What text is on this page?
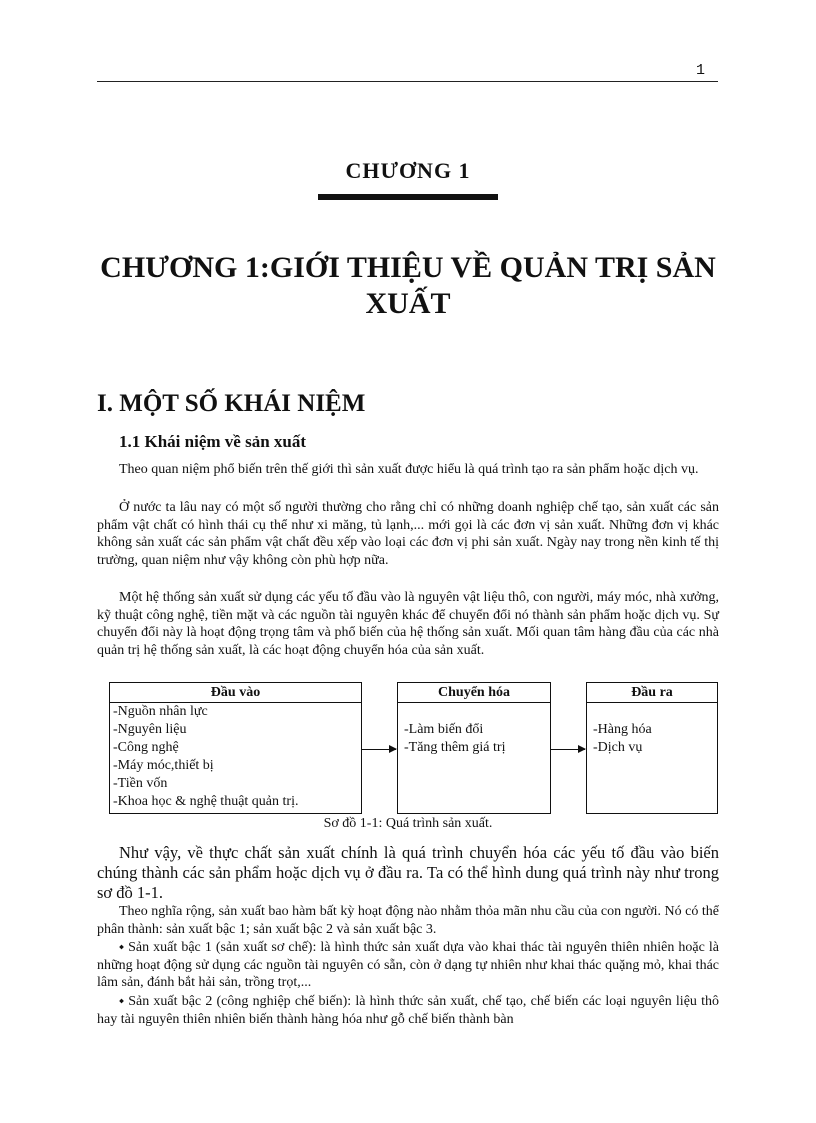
1
CHƯƠNG 1
CHƯƠNG 1:GIỚI THIỆU VỀ QUẢN TRỊ SẢN XUẤT
I. MỘT SỐ KHÁI NIỆM
1.1 Khái niệm về sản xuất
Theo quan niệm phổ biến trên thế giới thì sản xuất được hiểu là quá trình tạo ra sản phẩm hoặc dịch vụ.
Ở nước ta lâu nay có một số người thường cho rằng chỉ có những doanh nghiệp chế tạo, sản xuất các sản phẩm vật chất có hình thái cụ thể như xi măng, tủ lạnh,... mới gọi là các đơn vị sản xuất. Những đơn vị khác không sản xuất các sản phẩm vật chất đều xếp vào loại các đơn vị phi sản xuất. Ngày nay trong nền kinh tế thị trường, quan niệm như vậy không còn phù hợp nữa.
Một hệ thống sản xuất sử dụng các yếu tố đầu vào là nguyên vật liệu thô, con người, máy móc, nhà xưởng, kỹ thuật công nghệ, tiền mặt và các nguồn tài nguyên khác để chuyển đổi nó thành sản phẩm hoặc dịch vụ. Sự chuyển đổi này là hoạt động trọng tâm và phổ biến của hệ thống sản xuất. Mối quan tâm hàng đầu của các nhà quản trị hệ thống sản xuất, là các hoạt động chuyển hóa của sản xuất.
Đầu vào
-Nguồn nhân lực
-Nguyên liệu
-Công nghệ
-Máy móc,thiết bị
-Tiền vốn
-Khoa học & nghệ thuật quản trị.
Chuyển hóa
-Làm biến đổi
-Tăng thêm giá trị
Đầu ra
-Hàng hóa
-Dịch vụ
Sơ đồ 1-1: Quá trình sản xuất.
Như vậy, về thực chất sản xuất chính là quá trình chuyển hóa các yếu tố đầu vào biến chúng thành các sản phẩm hoặc dịch vụ ở đầu ra. Ta có thể hình dung quá trình này như trong sơ đồ 1-1.
Theo nghĩa rộng, sản xuất bao hàm bất kỳ hoạt động nào nhằm thỏa mãn nhu cầu của con người. Nó có thể phân thành: sản xuất bậc 1; sản xuất bậc 2 và sản xuất bậc 3.
⬩ Sản xuất bậc 1 (sản xuất sơ chế): là hình thức sản xuất dựa vào khai thác tài nguyên thiên nhiên hoặc là những hoạt động sử dụng các nguồn tài nguyên có sẵn, còn ở dạng tự nhiên như khai thác quặng mỏ, khai thác lâm sản, đánh bắt hải sản, trồng trọt,...
⬩ Sản xuất bậc 2 (công nghiệp chế biến): là hình thức sản xuất, chế tạo, chế biến các loại nguyên liệu thô hay tài nguyên thiên nhiên biến thành hàng hóa như gỗ chế biến thành bàn
